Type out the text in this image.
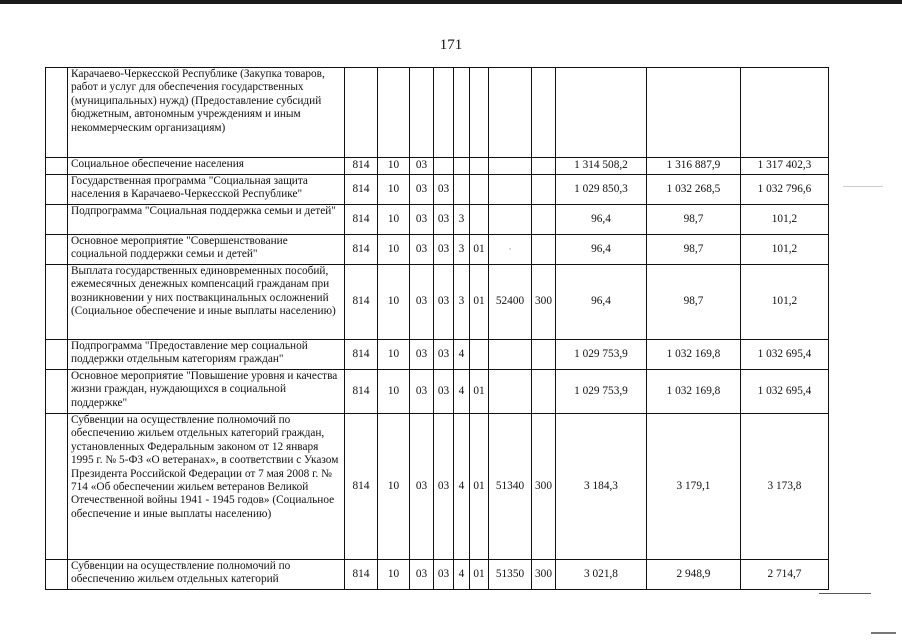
171
	Карачаево-Черкесской Республике (Закупка товаров, работ и услуг для обеспечения государственных (муниципальных) нужд) (Предоставление субсидий бюджетным, автономным учреждениям и иным некоммерческим организациям)											
	Социальное обеспечение населения	814	10	03						1 314 508,2	1 316 887,9	1 317 402,3
	Государственная программа "Социальная защита населения в Карачаево-Черкесской Республике"	814	10	03	03					1 029 850,3	1 032 268,5	1 032 796,6
	Подпрограмма "Социальная поддержка семьи и детей"	814	10	03	03	3				96,4	98,7	101,2
	Основное мероприятие "Совершенствование социальной поддержки семьи и детей"	814	10	03	03	3	01	·		96,4	98,7	101,2
	Выплата государственных единовременных пособий, ежемесячных денежных компенсаций гражданам при возникновении у них поствакцинальных осложнений (Социальное обеспечение и иные выплаты населению)	814	10	03	03	3	01	52400	300	96,4	98,7	101,2
	Подпрограмма "Предоставление мер социальной поддержки отдельным категориям граждан"	814	10	03	03	4				1 029 753,9	1 032 169,8	1 032 695,4
	Основное мероприятие "Повышение уровня и качества жизни граждан, нуждающихся в социальной поддержке"	814	10	03	03	4	01			1 029 753,9	1 032 169,8	1 032 695,4
	Субвенции на осуществление полномочий по обеспечению жильем отдельных категорий граждан, установленных Федеральным законом от 12 января 1995 г. № 5-ФЗ «О ветеранах», в соответствии с Указом Президента Российской Федерации от 7 мая 2008 г. № 714 «Об обеспечении жильем ветеранов Великой Отечественной войны 1941 - 1945 годов» (Социальное обеспечение и иные выплаты населению)	814	10	03	03	4	01	51340	300	3 184,3	3 179,1	3 173,8
	Субвенции на осуществление полномочий по обеспечению жильем отдельных категорий	814	10	03	03	4	01	51350	300	3 021,8	2 948,9	2 714,7
